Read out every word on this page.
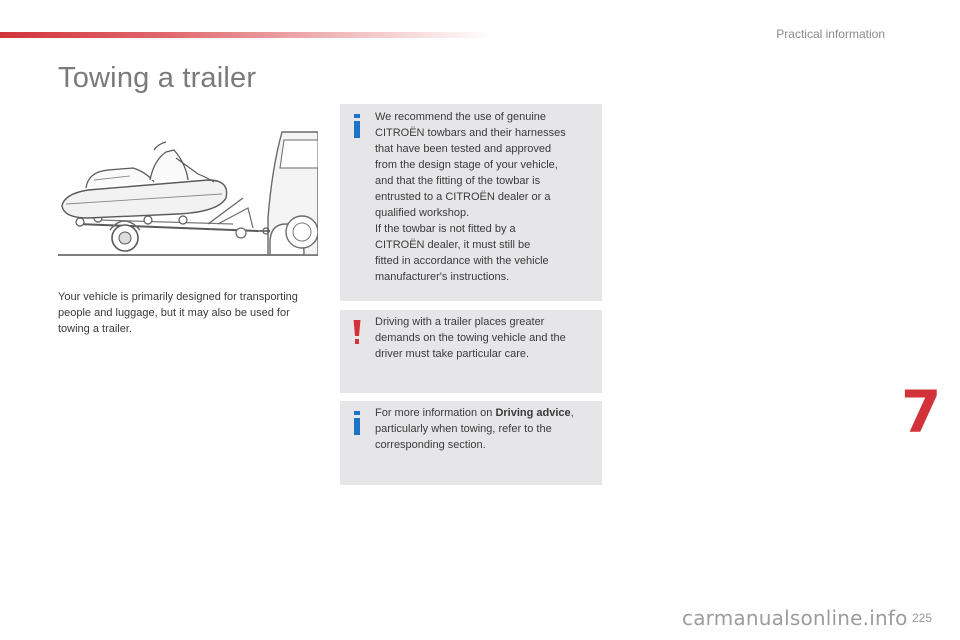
Practical information
Towing a trailer

Your vehicle is primarily designed for transporting people and luggage, but it may also be used for towing a trailer.

We recommend the use of genuine
CITROËN towbars and their harnesses
that have been tested and approved
from the design stage of your vehicle,
and that the fitting of the towbar is
entrusted to a CITROËN dealer or a
qualified workshop.
If the towbar is not fitted by a
CITROËN dealer, it must still be
fitted in accordance with the vehicle
manufacturer's instructions.

Driving with a trailer places greater
demands on the towing vehicle and the
driver must take particular care.

For more information on Driving advice, particularly when towing, refer to the corresponding section.	7
225
carmanualsonline.info
